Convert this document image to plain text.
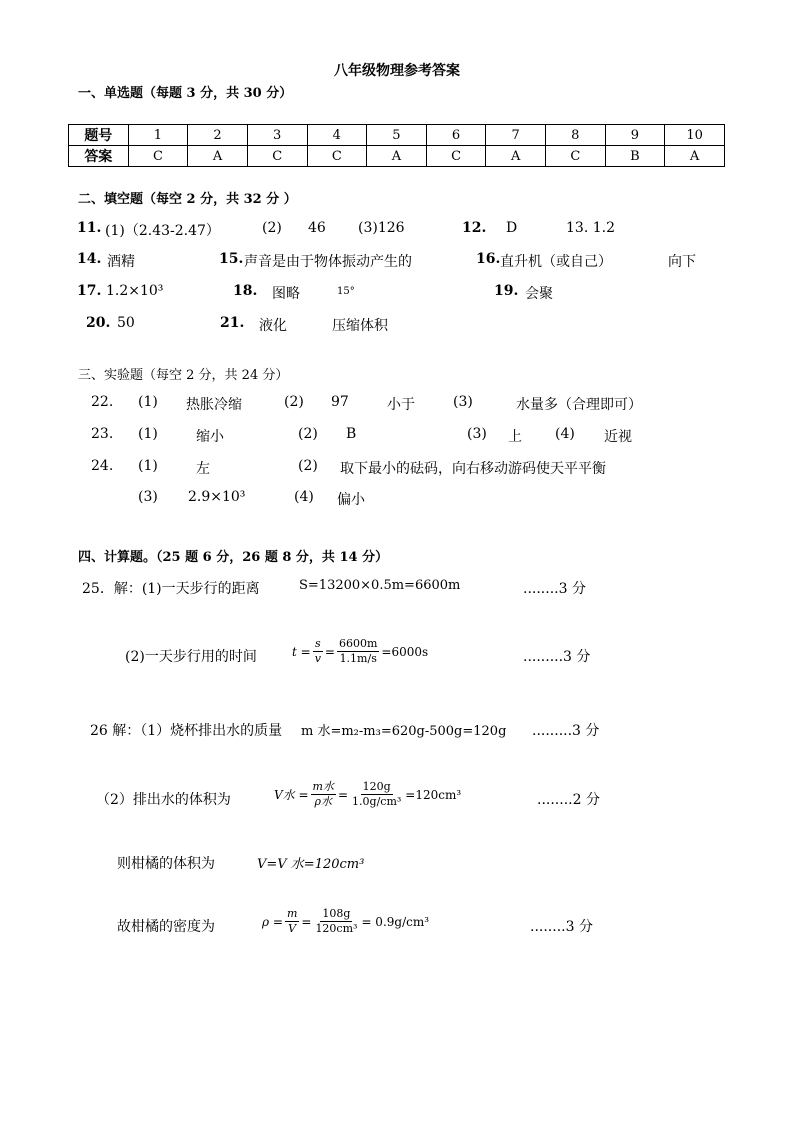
八年级物理参考答案
一、单选题（每题 3 分，共 30 分）
题号	1	2	3	4	5	6	7	8	9	10
答案	C	A	C	C	A	C	A	C	B	A
二、填空题（每空 2 分，共 32 分 ）
11. (1)（2.43-2.47）	(2) 46 (3)126	12. D	13. 1.2
14. 酒精	15. 声音是由于物体振动产生的	16. 直升机（或自己）	向下
17. 1.2×10³	18. 图略	15°	19. 会聚
20. 50	21. 液化	压缩体积
三、实验题（每空 2 分，共 24 分）
22. (1) 热胀冷缩	(2) 97	小于	(3)	水量多（合理即可）
23. (1)	缩小	(2) B	(3) 上 (4) 近视
24. (1)	左	(2) 取下最小的砝码，向右移动游码使天平平衡
(3) 2.9×10³	(4) 偏小
四、计算题。（25 题 6 分，26 题 8 分，共 14 分）
25．解：(1)一天步行的距离	S=13200×0.5m=6600m	........3 分
(2)一天步行用的时间	$t = \frac{s}{v} = \frac{6600m}{1.1m/s} =6000s$	.........3 分
26 解：（1）烧杯排出水的质量 m 水=m₂-m₃=620g-500g=120g .........3 分
（2）排出水的体积为	V水 = $\frac{\text{m水}}{\text{ρ水}} = \frac{120g}{\text{1.0g/cm³}} =120cm^3$	........2 分
则柑橘的体积为	V=V 水=120cm³
故柑橘的密度为	$\rho = \frac{m}{V} = \frac{108g}{\text{120cm³}} = 0.9g/cm^3$	........3 分
